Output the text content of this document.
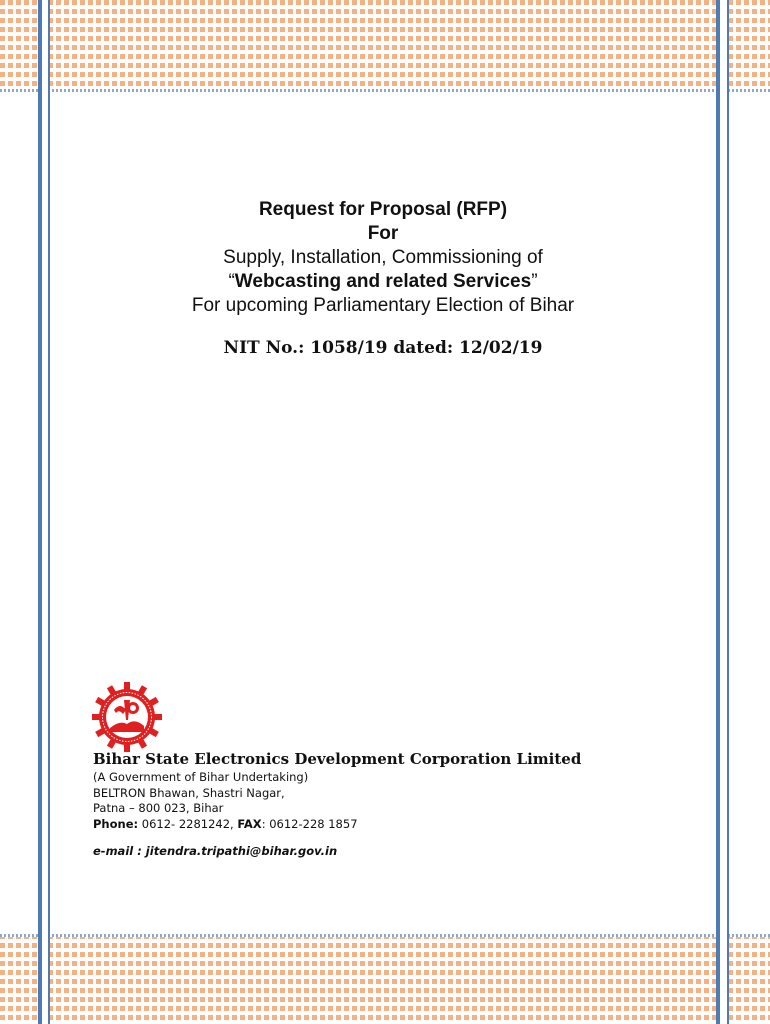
Request for Proposal (RFP)
For
Supply, Installation, Commissioning of
“Webcasting and related Services”
For upcoming Parliamentary Election of Bihar
NIT No.: 1058/19 dated: 12/02/19
Bihar State Electronics Development Corporation Limited
(A Government of Bihar Undertaking)
BELTRON Bhawan, Shastri Nagar,
Patna – 800 023, Bihar
Phone: 0612- 2281242, FAX: 0612-228 1857
e-mail : jitendra.tripathi@bihar.gov.in
